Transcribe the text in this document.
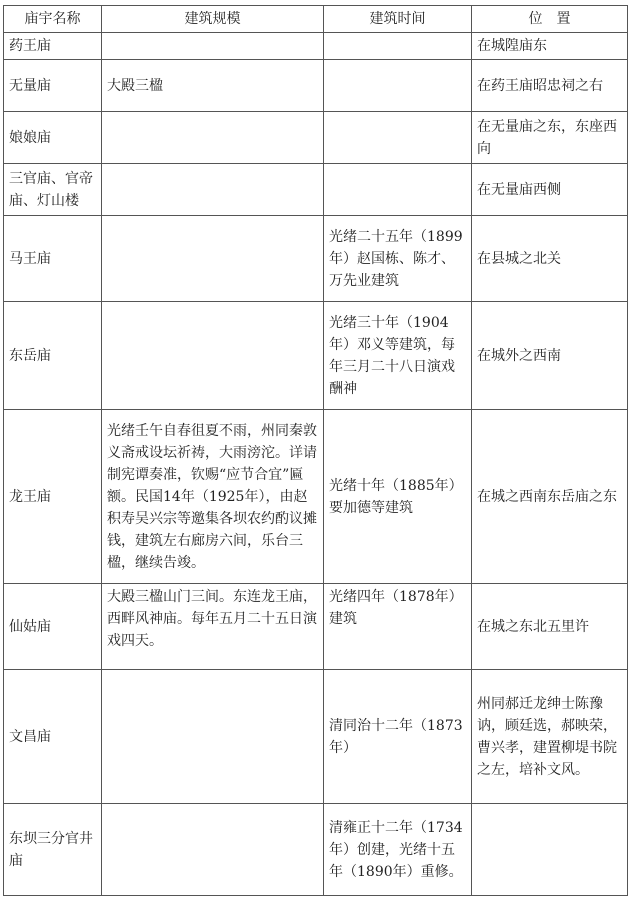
庙宇名称	建筑规模	建筑时间	位　置
药王庙			在城隍庙东
无量庙	大殿三楹		在药王庙昭忠祠之右
娘娘庙			在无量庙之东，东座西向
三官庙、官帝庙、灯山楼			在无量庙西侧
马王庙		光绪二十五年（1899年）赵国栋、陈才、万先业建筑	在县城之北关
东岳庙		光绪三十年（1904年）邓义等建筑，每年三月二十八日演戏酬神	在城外之西南
龙王庙	光绪壬午自春徂夏不雨，州同秦敦义斋戒设坛祈祷，大雨滂沱。详请制宪谭奏准，钦赐“应节合宜”匾额。民国14年（1925年），由赵积寿吴兴宗等邀集各坝农约酌议摊钱，建筑左右廊房六间，乐台三楹，继续告竣。	光绪十年（1885年）要加德等建筑	在城之西南东岳庙之东
仙姑庙	大殿三楹山门三间。东连龙王庙，西畔风神庙。每年五月二十五日演戏四天。	光绪四年（1878年）建筑	在城之东北五里许
文昌庙		清同治十二年（1873年）	州同郝迁龙绅士陈豫讷，顾廷选，郝映荣，曹兴孝，建置柳堤书院之左，培补文风。
东坝三分官井庙		清雍正十二年（1734年）创建，光绪十五年（1890年）重修。	
